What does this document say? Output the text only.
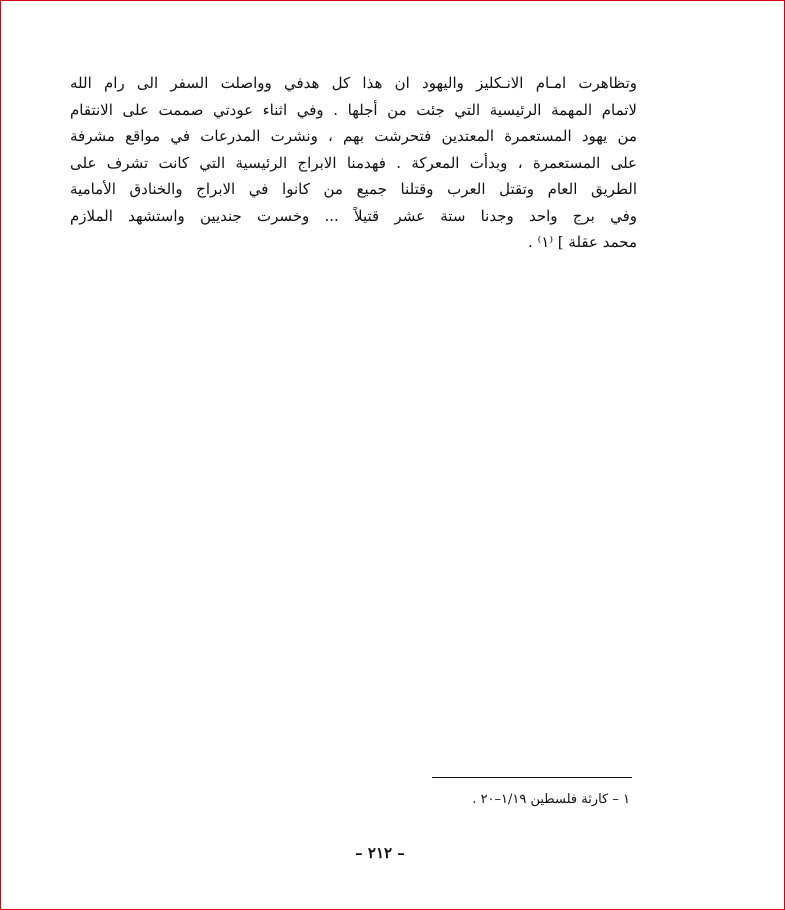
وتظاهرت امـام الانـكليز واليهود ان هذا كل هدفي وواصلت السفر الى رام الله
لاتمام المهمة الرئيسية التي جئت من أجلها . وفي اثناء عودتي صممت على الانتقام
من يهود المستعمرة المعتدين فتحرشت بهم ، ونشرت المدرعات في مواقع مشرفة
على المستعمرة ، وبدأت المعركة . فهدمنا الابراج الرئيسية التي كانت تشرف على
الطريق العام وتقتل العرب وقتلنا جميع من كانوا في الابراج والخنادق الأمامية
وفي برج واحد وجدنا ستة عشر قتيلاً ... وخسرت جنديين واستشهد الملازم
محمد عقلة ] ⁽١⁾ .
١ – كارثة فلسطين ١/١٩–٢٠ .
– ٢١٢ –
